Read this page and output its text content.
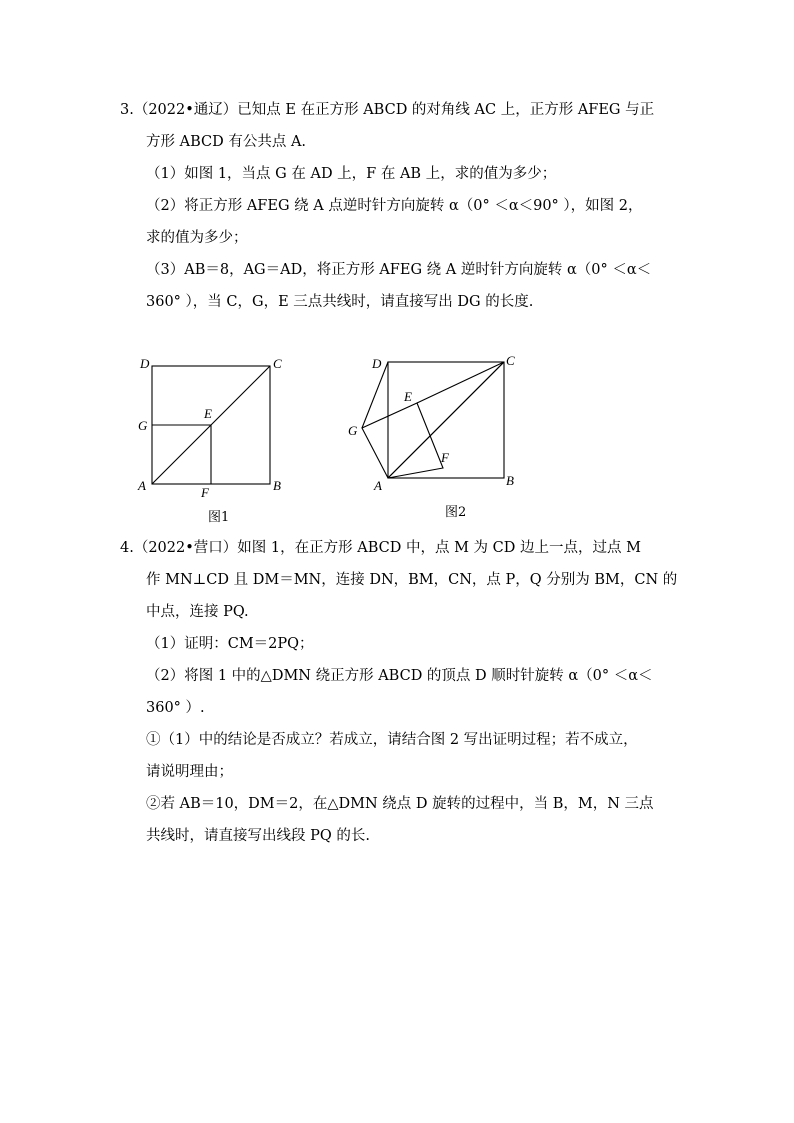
3.（2022•通辽）已知点 E 在正方形 ABCD 的对角线 AC 上，正方形 AFEG 与正
方形 ABCD 有公共点 A.
（1）如图 1，当点 G 在 AD 上，F 在 AB 上，求的值为多少；
（2）将正方形 AFEG 绕 A 点逆时针方向旋转 α（0° ＜α＜90° ），如图 2，
求的值为多少；
（3）AB＝8，AG＝AD，将正方形 AFEG 绕 A 逆时针方向旋转 α（0° ＜α＜
360° ），当 C，G，E 三点共线时，请直接写出 DG 的长度.
D	C
G
E
A	F	B
图1
D	C
E
G
F
A	B
图2
4.（2022•营口）如图 1，在正方形 ABCD 中，点 M 为 CD 边上一点，过点 M
作 MN⊥CD 且 DM＝MN，连接 DN，BM，CN，点 P，Q 分别为 BM，CN 的
中点，连接 PQ.
（1）证明：CM＝2PQ；
（2）将图 1 中的△DMN 绕正方形 ABCD 的顶点 D 顺时针旋转 α（0° ＜α＜
360° ）.
①（1）中的结论是否成立？若成立，请结合图 2 写出证明过程；若不成立，
请说明理由；
②若 AB＝10，DM＝2，在△DMN 绕点 D 旋转的过程中，当 B，M，N 三点
共线时，请直接写出线段 PQ 的长.
